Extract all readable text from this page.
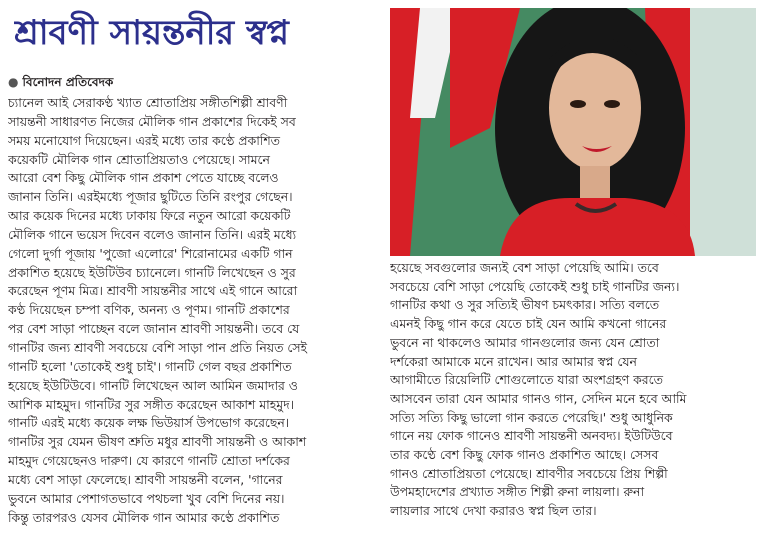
শ্রাবণী সায়ন্তনীর স্বপ্ন
● বিনোদন প্রতিবেদক
চ্যানেল আই সেরাকণ্ঠ খ্যাত শ্রোতাপ্রিয় সঙ্গীতশিল্পী শ্রাবণী
সায়ন্তনী সাধারণত নিজের মৌলিক গান প্রকাশের দিকেই সব
সময় মনোযোগ দিয়েছেন। এরই মধ্যে তার কণ্ঠে প্রকাশিত
কয়েকটি মৌলিক গান শ্রোতাপ্রিয়তাও পেয়েছে। সামনে
আরো বেশ কিছু মৌলিক গান প্রকাশ পেতে যাচ্ছে বলেও
জানান তিনি। এরইমধ্যে পূজার ছুটিতে তিনি রংপুর গেছেন।
আর কয়েক দিনের মধ্যে ঢাকায় ফিরে নতুন আরো কয়েকটি
মৌলিক গানে ভয়েস দিবেন বলেও জানান তিনি। এরই মধ্যে
গেলো দুর্গা পূজায় 'পুজো এলোরে' শিরোনামের একটি গান
প্রকাশিত হয়েছে ইউটিউব চ্যানেলে। গানটি লিখেছেন ও সুর
করেছেন পূণম মিত্র। শ্রাবণী সায়ন্তনীর সাথে এই গানে আরো
কণ্ঠ দিয়েছেন চম্পা বণিক, অনন্য ও পূণম। গানটি প্রকাশের
পর বেশ সাড়া পাচ্ছেন বলে জানান শ্রাবণী সায়ন্তনী। তবে যে
গানটির জন্য শ্রাবণী সবচেয়ে বেশি সাড়া পান প্রতি নিয়ত সেই
গানটি হলো 'তোকেই শুধু চাই'। গানটি গেল বছর প্রকাশিত
হয়েছে ইউটিউবে। গানটি লিখেছেন আল আমিন জমাদার ও
আশিক মাহমুদ। গানটির সুর সঙ্গীত করেছেন আকাশ মাহমুদ।
গানটি এরই মধ্যে কয়েক লক্ষ ভিউয়ার্স উপভোগ করেছেন।
গানটির সুর যেমন ভীষণ শ্রুতি মধুর শ্রাবণী সায়ন্তনী ও আকাশ
মাহমুদ গেয়েছেনও দারুণ। যে কারণে গানটি শ্রোতা দর্শকের
মধ্যে বেশ সাড়া ফেলেছে। শ্রাবণী সায়ন্তনী বলেন, 'গানের
ভুবনে আমার পেশাগতভাবে পথচলা খুব বেশি দিনের নয়।
কিন্তু তারপরও যেসব মৌলিক গান আমার কণ্ঠে প্রকাশিত
হয়েছে সবগুলোর জন্যই বেশ সাড়া পেয়েছি আমি। তবে
সবচেয়ে বেশি সাড়া পেয়েছি তোকেই শুধু চাই গানটির জন্য।
গানটির কথা ও সুর সত্যিই ভীষণ চমৎকার। সত্যি বলতে
এমনই কিছু গান করে যেতে চাই যেন আমি কখনো গানের
ভুবনে না থাকলেও আমার গানগুলোর জন্য যেন শ্রোতা
দর্শকেরা আমাকে মনে রাখেন। আর আমার স্বপ্ন যেন
আগামীতে রিয়েলিটি শোগুলোতে যারা অংশগ্রহণ করতে
আসবেন তারা যেন আমার গানও গান, সেদিন মনে হবে আমি
সত্যি সত্যি কিছু ভালো গান করতে পেরেছি।' শুধু আধুনিক
গানে নয় ফোক গানেও শ্রাবণী সায়ন্তনী অনবদ্য। ইউটিউবে
তার কণ্ঠে বেশ কিছু ফোক গানও প্রকাশিত আছে। সেসব
গানও শ্রোতাপ্রিয়তা পেয়েছে। শ্রাবণীর সবচেয়ে প্রিয় শিল্পী
উপমহাদেশের প্রখ্যাত সঙ্গীত শিল্পী রুনা লায়লা। রুনা
লায়লার সাথে দেখা করারও স্বপ্ন ছিল তার।
